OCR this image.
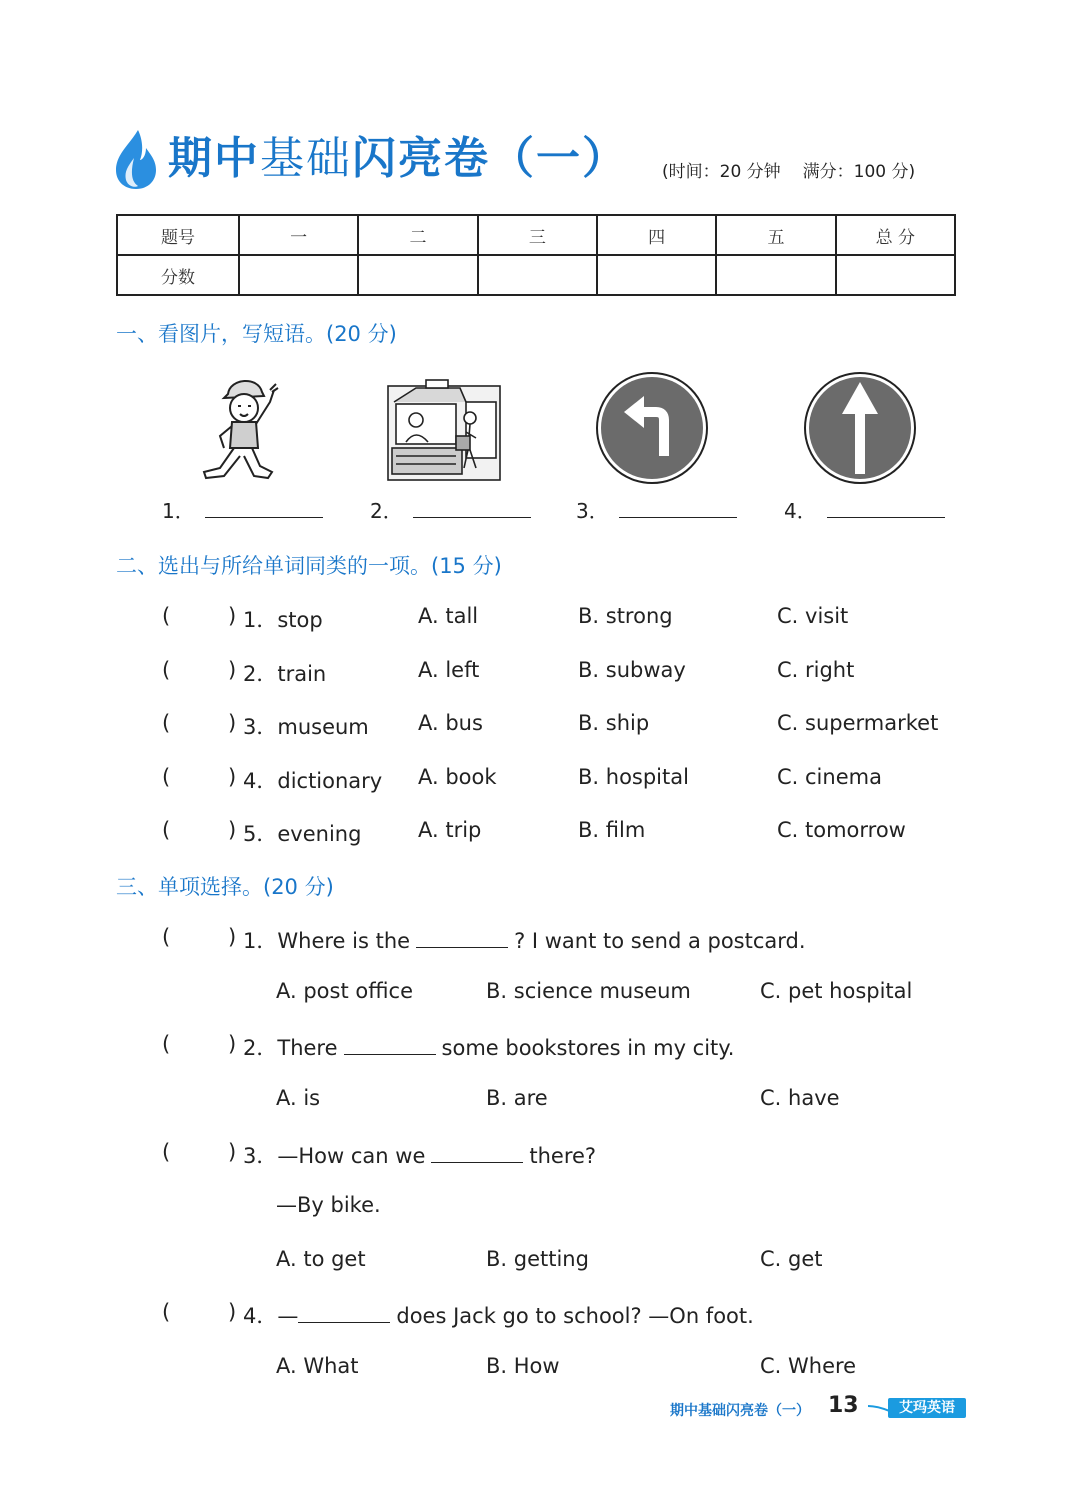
期中基础闪亮卷（一） (时间：20 分钟 满分：100 分)
题号	一	二	三	四	五	总 分
分数						
一、看图片，写短语。(20 分)
1．	2．	3．	4．
二、选出与所给单词同类的一项。(15 分)
(	) 1．stop	A. tall	B. strong	C. visit
(	) 2．train	A. left	B. subway	C. right
(	) 3．museum A. bus	B. ship	C. supermarket
(	) 4．dictionary A. book	B. hospital	C. cinema
(	) 5．evening	A. trip	B. film	C. tomorrow
三、单项选择。(20 分)
(	) 1．Where is the	? I want to send a postcard.
A. post office	B. science museum	C. pet hospital
(	) 2．There	some bookstores in my city.
A. is	B. are	C. have
(	) 3．—How can we	there?
—By bike.
A. to get	B. getting	C. get
(	) 4．—	does Jack go to school? —On foot.
A. What	B. How	C. Where
期中基础闪亮卷（一） 13	艾玛英语
